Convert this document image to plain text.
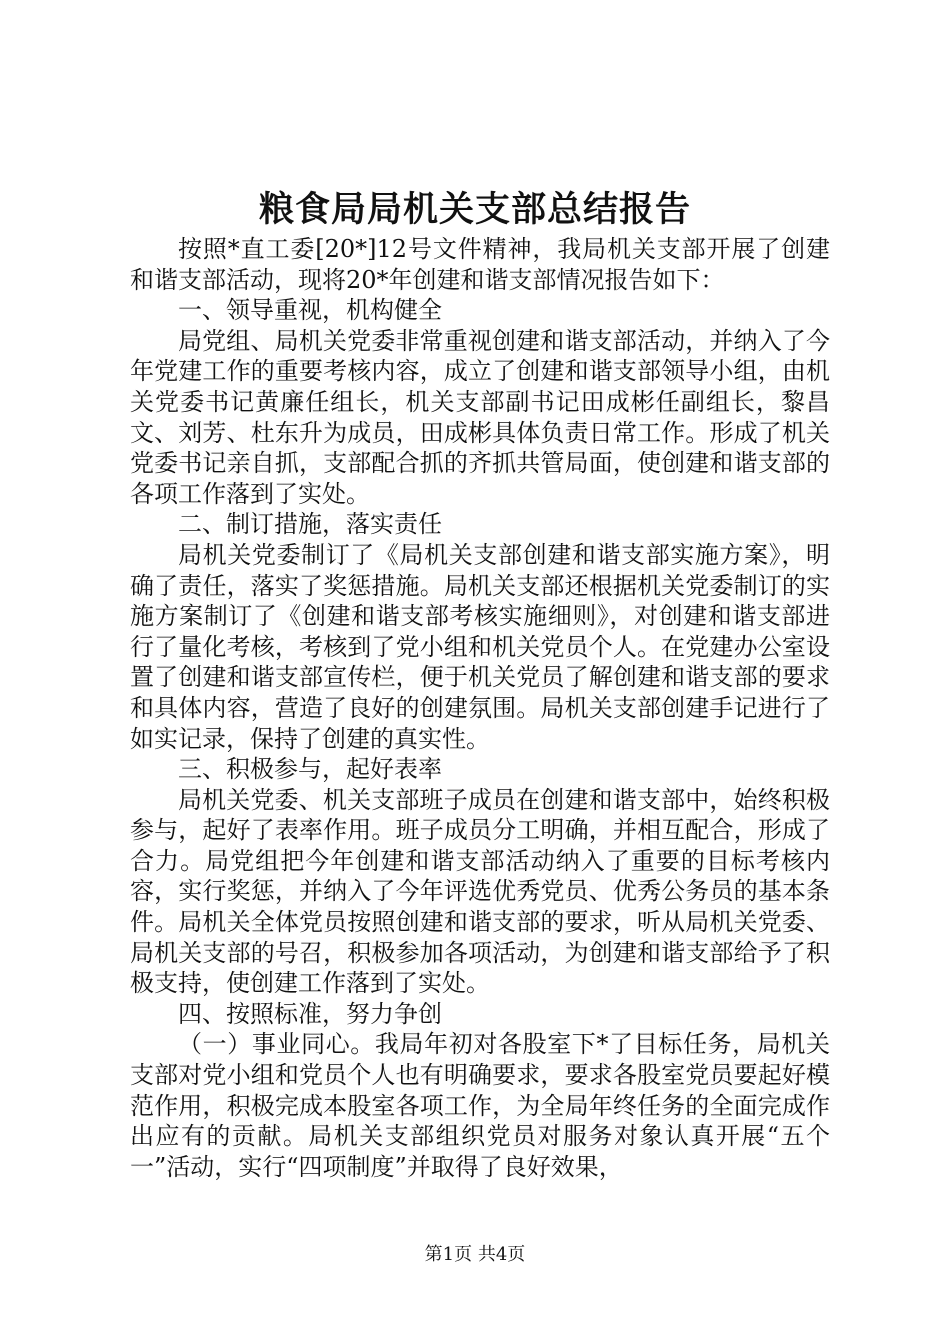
粮食局局机关支部总结报告

按照*直工委[20*]12号文件精神，我局机关支部开展了创建和谐支部活动，现将20*年创建和谐支部情况报告如下：

一、领导重视，机构健全

局党组、局机关党委非常重视创建和谐支部活动，并纳入了今年党建工作的重要考核内容，成立了创建和谐支部领导小组，由机关党委书记黄廉任组长，机关支部副书记田成彬任副组长，黎昌文、刘芳、杜东升为成员，田成彬具体负责日常工作。形成了机关党委书记亲自抓，支部配合抓的齐抓共管局面，使创建和谐支部的各项工作落到了实处。

二、制订措施，落实责任

局机关党委制订了《局机关支部创建和谐支部实施方案》，明确了责任，落实了奖惩措施。局机关支部还根据机关党委制订的实施方案制订了《创建和谐支部考核实施细则》，对创建和谐支部进行了量化考核，考核到了党小组和机关党员个人。在党建办公室设置了创建和谐支部宣传栏，便于机关党员了解创建和谐支部的要求和具体内容，营造了良好的创建氛围。局机关支部创建手记进行了如实记录，保持了创建的真实性。

三、积极参与，起好表率

局机关党委、机关支部班子成员在创建和谐支部中，始终积极参与，起好了表率作用。班子成员分工明确，并相互配合，形成了合力。局党组把今年创建和谐支部活动纳入了重要的目标考核内容，实行奖惩，并纳入了今年评选优秀党员、优秀公务员的基本条件。局机关全体党员按照创建和谐支部的要求，听从局机关党委、局机关支部的号召，积极参加各项活动，为创建和谐支部给予了积极支持，使创建工作落到了实处。

四、按照标准，努力争创

（一）事业同心。我局年初对各股室下*了目标任务，局机关支部对党小组和党员个人也有明确要求，要求各股室党员要起好模范作用，积极完成本股室各项工作，为全局年终任务的全面完成作出应有的贡献。局机关支部组织党员对服务对象认真开展“五个一”活动，实行“四项制度”并取得了良好效果，

第1页 共4页
